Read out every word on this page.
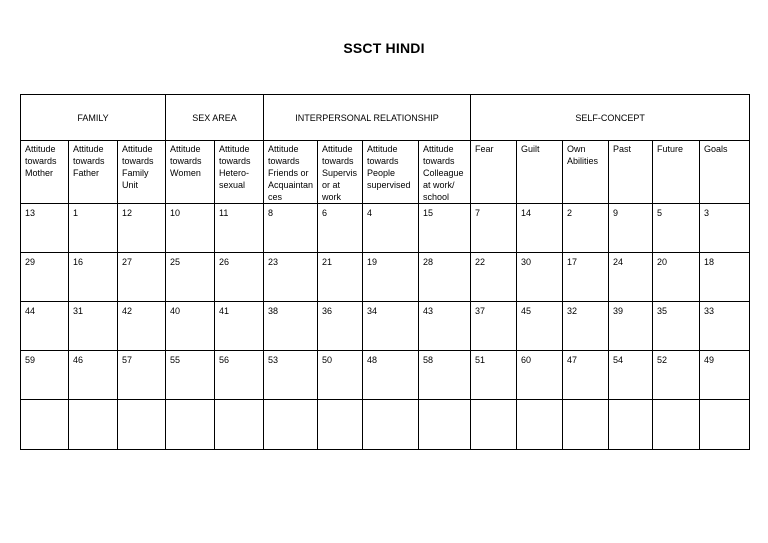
SSCT HINDI
FAMILY			SEX AREA		INTERPERSONAL RELATIONSHIP				SELF-CONCEPT					
Attitude towards Mother	Attitude towards Father	Attitude towards Family Unit	Attitude towards Women	Attitude towards Hetero-sexual	Attitude towards Friends or Acquaintances	Attitude towards Supervisor at work	Attitude towards People supervised	Attitude towards Colleague at work/ school	Fear	Guilt	Own Abilities	Past	Future	Goals
13	1	12	10	11	8	6	4	15	7	14	2	9	5	3
29	16	27	25	26	23	21	19	28	22	30	17	24	20	18
44	31	42	40	41	38	36	34	43	37	45	32	39	35	33
59	46	57	55	56	53	50	48	58	51	60	47	54	52	49
